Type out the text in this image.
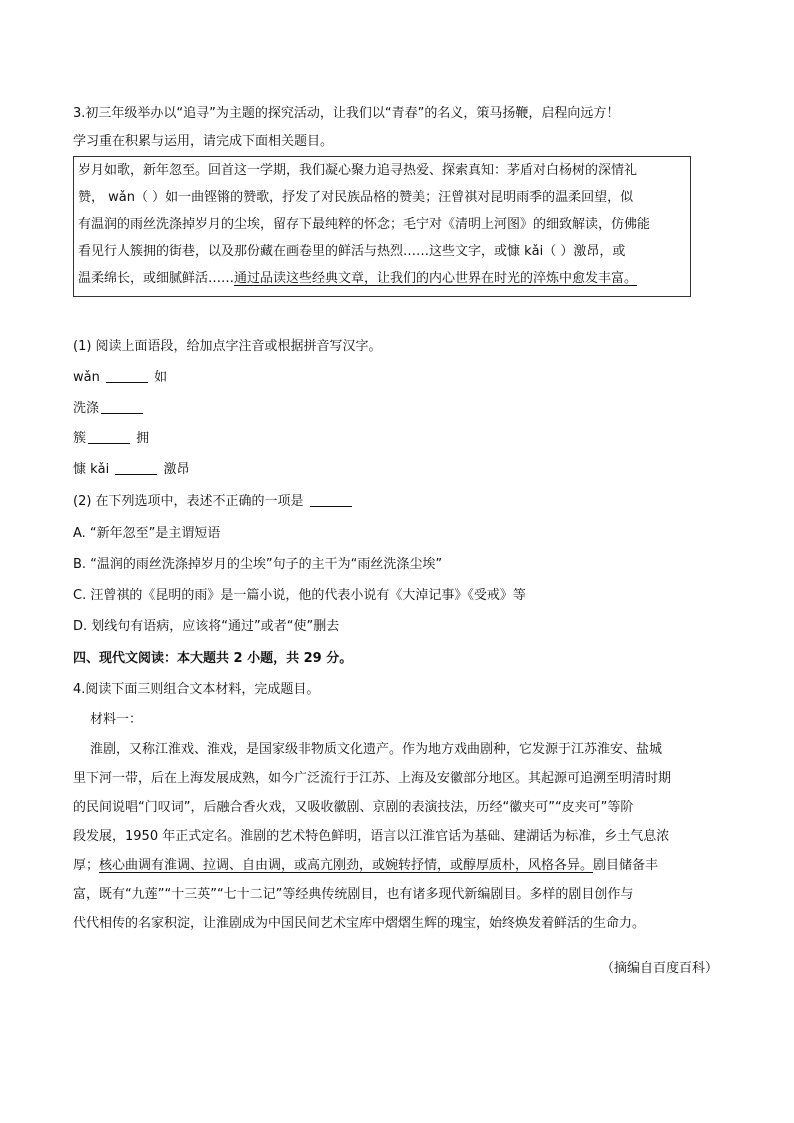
3.初三年级举办以“追寻”为主题的探究活动，让我们以“青春”的名义，策马扬鞭，启程向远方！
学习重在积累与运用，请完成下面相关题目。
岁月如歌，新年忽至。回首这一学期，我们凝心聚力追寻热爱、探索真知：茅盾对白杨树的深情礼
赞， wǎn（ ）如一曲铿锵的赞歌，抒发了对民族品格的赞美；汪曾祺对昆明雨季的温柔回望，似
有温润的雨丝洗涤掉岁月的尘埃，留存下最纯粹的怀念；毛宁对《清明上河图》的细致解读，仿佛能
看见行人簇拥的街巷，以及那份藏在画卷里的鲜活与热烈……这些文字，或慷 kǎi（ ）激昂，或
温柔绵长，或细腻鲜活……通过品读这些经典文章，让我们的内心世界在时光的淬炼中愈发丰富。
(1) 阅读上面语段，给加点字注音或根据拼音写汉字。
wǎn	如
洗涤
簇	拥
慷 kǎi	激昂
(2) 在下列选项中，表述不正确的一项是
A. “新年忽至”是主谓短语
B. “温润的雨丝洗涤掉岁月的尘埃”句子的主干为“雨丝洗涤尘埃”
C. 汪曾祺的《昆明的雨》是一篇小说，他的代表小说有《大淖记事》《受戒》等
D. 划线句有语病，应该将“通过”或者“使”删去
四、现代文阅读：本大题共 2 小题，共 29 分。
4.阅读下面三则组合文本材料，完成题目。
材料一：
淮剧，又称江淮戏、淮戏，是国家级非物质文化遗产。作为地方戏曲剧种，它发源于江苏淮安、盐城
里下河一带，后在上海发展成熟，如今广泛流行于江苏、上海及安徽部分地区。其起源可追溯至明清时期
的民间说唱“门叹词”，后融合香火戏，又吸收徽剧、京剧的表演技法，历经“徽夹可”“皮夹可”等阶
段发展，1950 年正式定名。淮剧的艺术特色鲜明，语言以江淮官话为基础、建湖话为标准，乡土气息浓
厚；核心曲调有淮调、拉调、自由调，或高亢刚劲，或婉转抒情，或醇厚质朴，风格各异。剧目储备丰
富，既有“九莲”“十三英”“七十二记”等经典传统剧目，也有诸多现代新编剧目。多样的剧目创作与
代代相传的名家积淀，让淮剧成为中国民间艺术宝库中熠熠生辉的瑰宝，始终焕发着鲜活的生命力。
（摘编自百度百科）
